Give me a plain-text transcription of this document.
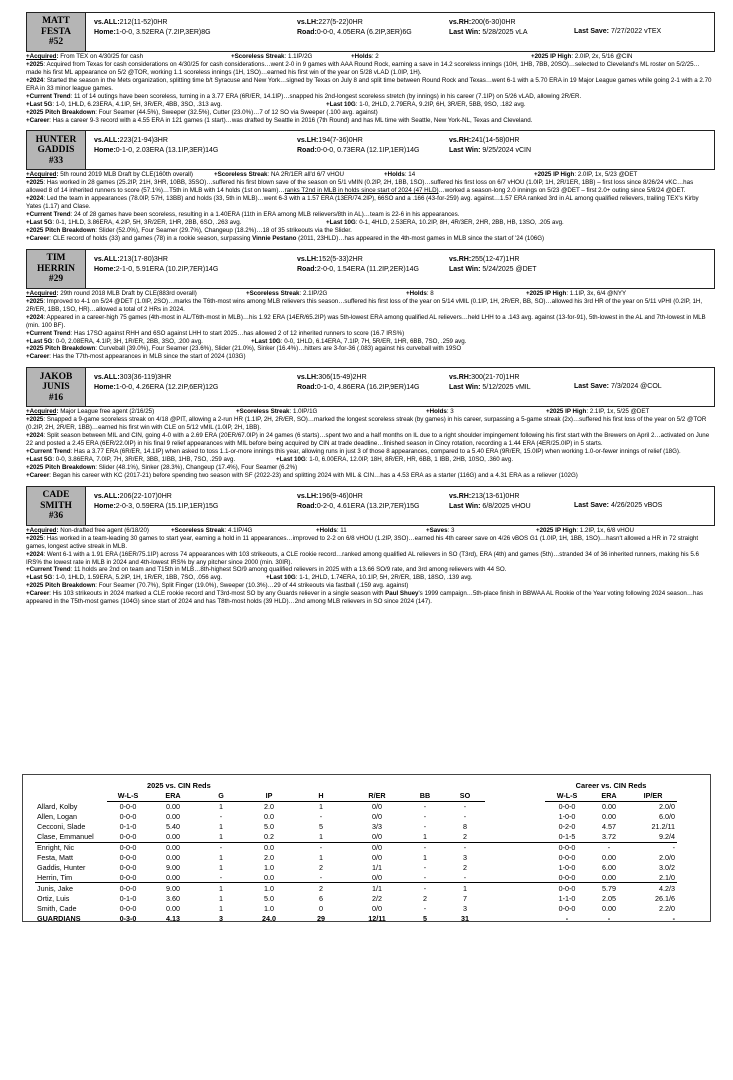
MATT
FESTA
#52
vs.ALL:212(11-52)0HR
Home:1-0-0, 3.52ERA (7.2IP,3ER)8G
vs.LH:227(5-22)0HR
Road:0-0-0, 4.05ERA (6.2IP,3ER)6G
vs.RH:200(6-30)0HR
Last Win: 5/28/2025 vLA	Last Save: 7/27/2022 vTEX
+Acquired: From TEX on 4/30/25 for cash	+Scoreless Streak: 1.1IP/2G	+Holds: 2	+2025 IP High: 2.0IP, 2x, 5/16 @CIN

+2025: Acquired from Texas for cash considerations on 4/30/25 for cash considerations…went 2-0 in 9 games with AAA Round Rock, earning a save in 14.2 scoreless innings (10H, 1HB, 7BB, 20SO)…selected to Cleveland's ML roster on 5/2/25…made his first ML appearance on 5/2 @TOR, working 1.1 scoreless innings (1H, 1SO)…earned his first win of the year on 5/28 vLAD (1.0IP, 1H).

+2024: Started the season in the Mets organization, splitting time b/t Syracuse and New York…signed by Texas on July 8 and split time between Round Rock and Texas…went 6-1 with a 5.70 ERA in 19 Major League games while going 2-1 with a 2.70 ERA in 33 minor league games.

+Current Trend: 11 of 14 outings have been scoreless, turning in a 3.77 ERA (6R/ER, 14.1IP)…snapped his 2nd-longest scoreless stretch (by innings) in his career (7.1IP) on 5/26 vLAD, allowing 2R/ER.

+Last 5G: 1-0, 1HLD, 6.23ERA, 4.1IP, 5H, 3R/ER, 4BB, 3SO, .313 avg.	+Last 10G: 1-0, 2HLD, 2.79ERA, 9.2IP, 6H, 3R/ER, 5BB, 9SO, .182 avg.

+2025 Pitch Breakdown: Four Seamer (44.5%), Sweeper (32.5%), Cutter (23.0%)…7 of 12 SO via Sweeper (.100 avg. against)

+Career: Has a career 9-3 record with a 4.55 ERA in 121 games (1 start)…was drafted by Seattle in 2016 (7th Round) and has ML time with Seattle, New York-NL, Texas and Cleveland.

HUNTER
GADDIS
#33
vs.ALL:223(21-94)3HR
Home:0-1-0, 2.03ERA (13.1IP,3ER)14G
vs.LH:194(7-36)0HR
Road:0-0-0, 0.73ERA (12.1IP,1ER)14G
vs.RH:241(14-58)0HR
Last Win: 9/25/2024 vCIN
+Acquired: 5th round 2019 MLB Draft by CLE(160th overall)	+Scoreless Streak: NA 2R/1ER all'd 6/7 vHOU	+Holds: 14	+2025 IP High: 2.0IP, 1x, 5/23 @DET

+2025: Has worked in 28 games (25.2IP, 21H, 3HR, 10BB, 35SO)…suffered his first blown save of the season on 5/1 vMIN (0.2IP, 2H, 1BB, 1SO)…suffered his first loss on 6/7 vHOU (1.0IP, 1H, 2R/1ER, 1BB) – first loss since 8/26/24 vKC…has allowed 8 of 14 inherited runners to score (57.1%)…T5th in MLB with 14 holds (1st on team)…ranks T2nd in MLB in holds since start of 2024 (47 HLD)…worked a season-long 2.0 innings on 5/23 @DET – first 2.0+ outing since 5/8/24 @DET.

+2024: Led the team in appearances (78.0IP, 57H, 13BB) and holds (33, 5th in MLB)…went 6-3 with a 1.57 ERA (13ER/74.2IP), 66SO and a .166 (43-for-259) avg. against…1.57 ERA ranked 3rd in AL among qualified relievers, trailing TEX's Kirby Yates (1.17) and Clase.

+Current Trend: 24 of 28 games have been scoreless, resulting in a 1.40ERA (11th in ERA among MLB relievers/8th in AL)…team is 22-6 in his appearances.

+Last 5G: 0-1, 1HLD, 3.86ERA, 4.2IP, 5H, 3R/2ER, 1HR, 2BB, 6SO, .263 avg.	+Last 10G: 0-1, 4HLD, 2.53ERA, 10.2IP, 8H, 4R/3ER, 2HR, 2BB, HB, 13SO, .205 avg.

+2025 Pitch Breakdown: Slider (52.0%), Four Seamer (29.7%), Changeup (18.2%)…18 of 35 strikeouts via the Slider.

+Career: CLE record of holds (33) and games (78) in a rookie season, surpassing Vinnie Pestano (2011, 23HLD)…has appeared in the 4th-most games in MLB since the start of '24 (106G)

TIM
HERRIN
#29
vs.ALL:213(17-80)3HR
Home:2-1-0, 5.91ERA (10.2IP,7ER)14G
vs.LH:152(5-33)2HR
Road:2-0-0, 1.54ERA (11.2IP,2ER)14G
vs.RH:255(12-47)1HR
Last Win: 5/24/2025 @DET
+Acquired: 29th round 2018 MLB Draft by CLE(883rd overall)	+Scoreless Streak: 2.1IP/2G	+Holds: 8	+2025 IP High: 1.1IP, 3x, 6/4 @NYY

+2025: Improved to 4-1 on 5/24 @DET (1.0IP, 2SO)…marks the T6th-most wins among MLB relievers this season…suffered his first loss of the year on 5/14 vMIL (0.1IP, 1H, 2R/ER, BB, SO)…allowed his 3rd HR of the year on 5/11 vPHI (0.2IP, 1H, 2R/ER, 1BB, 1SO, HR)…allowed a total of 2 HRs in 2024.

+2024: Appeared in a career-high 75 games (4th-most in AL/T6th-most in MLB)…his 1.92 ERA (14ER/65.2IP) was 5th-lowest ERA among qualified AL relievers…held LHH to a .143 avg. against (13-for-91), 5th-lowest in the AL and 7th-lowest in MLB (min. 100 BF).

+Current Trend: Has 17SO against RHH and 6SO against LHH to start 2025…has allowed 2 of 12 inherited runners to score (16.7 IRS%)

+Last 5G: 0-0, 2.08ERA, 4.1IP, 3H, 1R/ER, 2BB, 3SO, .200 avg.	+Last 10G: 0-0, 1HLD, 6.14ERA, 7.1IP, 7H, 5R/ER, 1HR, 6BB, 7SO, .259 avg.

+2025 Pitch Breakdown: Curveball (39.0%), Four Seamer (23.6%), Slider (21.0%), Sinker (16.4%)…hitters are 3-for-36 (.083) against his curveball with 19SO

+Career: Has the T7th-most appearances in MLB since the start of 2024 (103G)

JAKOB
JUNIS
#16
vs.ALL:303(36-119)3HR
Home:1-0-0, 4.26ERA (12.2IP,6ER)12G
vs.LH:306(15-49)2HR
Road:0-1-0, 4.86ERA (16.2IP,9ER)14G
vs.RH:300(21-70)1HR
Last Win: 5/12/2025 vMIL	Last Save: 7/3/2024 @COL
+Acquired: Major League free agent (2/16/25)	+Scoreless Streak: 1.0IP/1G	+Holds: 3	+2025 IP High: 2.1IP, 1x, 5/25 @DET

+2025: Snapped a 9-game scoreless streak on 4/18 @PIT, allowing a 2-run HR (1.1IP, 2H, 2R/ER, SO)…marked the longest scoreless streak (by games) in his career, surpassing a 5-game streak (2x)…suffered his first loss of the year on 5/2 @TOR (0.2IP, 2H, 2R/ER, 1BB)…earned his first win with CLE on 5/12 vMIL (1.0IP, 2H, 1BB).

+2024: Split season between MIL and CIN, going 4-0 with a 2.69 ERA (20ER/67.0IP) in 24 games (6 starts)…spent two and a half months on IL due to a right shoulder impingement following his first start with the Brewers on April 2…activated on June 22 and posted a 2.45 ERA (6ER/22.0IP) in his final 9 relief appearances with MIL before being acquired by CIN at trade deadline…finished season in Cincy rotation, recording a 1.44 ERA (4ER/25.0IP) in 5 starts.

+Current Trend: Has a 3.77 ERA (6R/ER, 14.1IP) when asked to toss 1.1-or-more innings this year, allowing runs in just 3 of those 8 appearances, compared to a 5.40 ERA (9R/ER, 15.0IP) when working 1.0-or-fewer innings of relief (18G).

+Last 5G: 0-0, 3.86ERA, 7.0IP, 7H, 3R/ER, 3BB, 1IBB, 1HB, 7SO, .259 avg.	+Last 10G: 1-0, 6.00ERA, 12.0IP, 18H, 8R/ER, HR, 6BB, 1 IBB, 2HB, 10SO, .360 avg.

+2025 Pitch Breakdown: Slider (48.1%), Sinker (28.3%), Changeup (17.4%), Four Seamer (6.2%)

+Career: Began his career with KC (2017-21) before spending two season with SF (2022-23) and splitting 2024 with MIL & CIN…has a 4.53 ERA as a starter (116G) and a 4.31 ERA as a reliever (102G)

CADE
SMITH
#36
vs.ALL:206(22-107)0HR
Home:2-0-3, 0.59ERA (15.1IP,1ER)15G
vs.LH:196(9-46)0HR
Road:0-2-0, 4.61ERA (13.2IP,7ER)15G
vs.RH:213(13-61)0HR
Last Win: 6/8/2025 vHOU	Last Save: 4/26/2025 vBOS
+Acquired: Non-drafted free agent (6/18/20)	+Scoreless Streak: 4.1IP/4G	+Holds: 11	+Saves: 3	+2025 IP High: 1.2IP, 1x, 6/8 vHOU

+2025: Has worked in a team-leading 30 games to start year, earning a hold in 11 appearances…improved to 2-2 on 6/8 vHOU (1.2IP, 3SO)…earned his 4th career save on 4/26 vBOS G1 (1.0IP, 1H, 1BB, 1SO)…hasn't allowed a HR in 72 straight games, longest active streak in MLB.

+2024: Went 6-1 with a 1.91 ERA (16ER/75.1IP) across 74 appearances with 103 strikeouts, a CLE rookie record…ranked among qualified AL relievers in SO (T3rd), ERA (4th) and games (5th)…stranded 34 of 36 inherited runners, making his 5.6 IRS% the lowest rate in MLB in 2024 and 4th-lowest IRS% by any pitcher since 2000 (min. 30IR).

+Current Trend: 11 holds are 2nd on team and T15th in MLB…8th-highest SO/9 among qualified relievers in 2025 with a 13.66 SO/9 rate, and 3rd among relievers with 44 SO.

+Last 5G: 1-0, 1HLD, 1.59ERA, 5.2IP, 1H, 1R/ER, 1BB, 7SO, .056 avg.	+Last 10G: 1-1, 2HLD, 1.74ERA, 10.1IP, 5H, 2R/ER, 1BB, 18SO, .139 avg.

+2025 Pitch Breakdown: Four Seamer (70.7%), Split Finger (19.0%), Sweeper (10.3%)…29 of 44 strikeouts via fastball (.159 avg. against)

+Career: His 103 strikeouts in 2024 marked a CLE rookie record and T3rd-most SO by any Guards reliever in a single season with Paul Shuey's 1999 campaign…5th-place finish in BBWAA AL Rookie of the Year voting following 2024 season…has appeared in the T5th-most games (104G) since start of 2024 and has T8th-most holds (39 HLD)…2nd among MLB relievers in SO since 2024 (147).

	2025 vs. CIN Reds									Career vs. CIN Reds		
	W-L-S	ERA	G	IP	H	R/ER	BB	SO		W-L-S	ERA	IP/ER
Allard, Kolby	0-0-0	0.00	1	2.0	1	0/0	-	-		0-0-0	0.00	2.0/0
Allen, Logan	0-0-0	0.00	-	0.0	-	0/0	-	-		1-0-0	0.00	6.0/0
Cecconi, Slade	0-1-0	5.40	1	5.0	5	3/3	-	8		0-2-0	4.57	21.2/11
Clase, Emmanuel	0-0-0	0.00	1	0.2	1	0/0	1	2		0-1-5	3.72	9.2/4
Enright, Nic	0-0-0	0.00	-	0.0	-	0/0	-	-		0-0-0	-	-
Festa, Matt	0-0-0	0.00	1	2.0	1	0/0	1	3		0-0-0	0.00	2.0/0
Gaddis, Hunter	0-0-0	9.00	1	1.0	2	1/1	-	2		1-0-0	6.00	3.0/2
Herrin, Tim	0-0-0	0.00	-	0.0	-	0/0	-	-		0-0-0	0.00	2.1/0
Junis, Jake	0-0-0	9.00	1	1.0	2	1/1	-	1		0-0-0	5.79	4.2/3
Ortiz, Luis	0-1-0	3.60	1	5.0	6	2/2	2	7		1-1-0	2.05	26.1/6
Smith, Cade	0-0-0	0.00	1	1.0	0	0/0	-	3		0-0-0	0.00	2.2/0
GUARDIANS	0-3-0	4.13	3	24.0	29	12/11	5	31		-	-	-
